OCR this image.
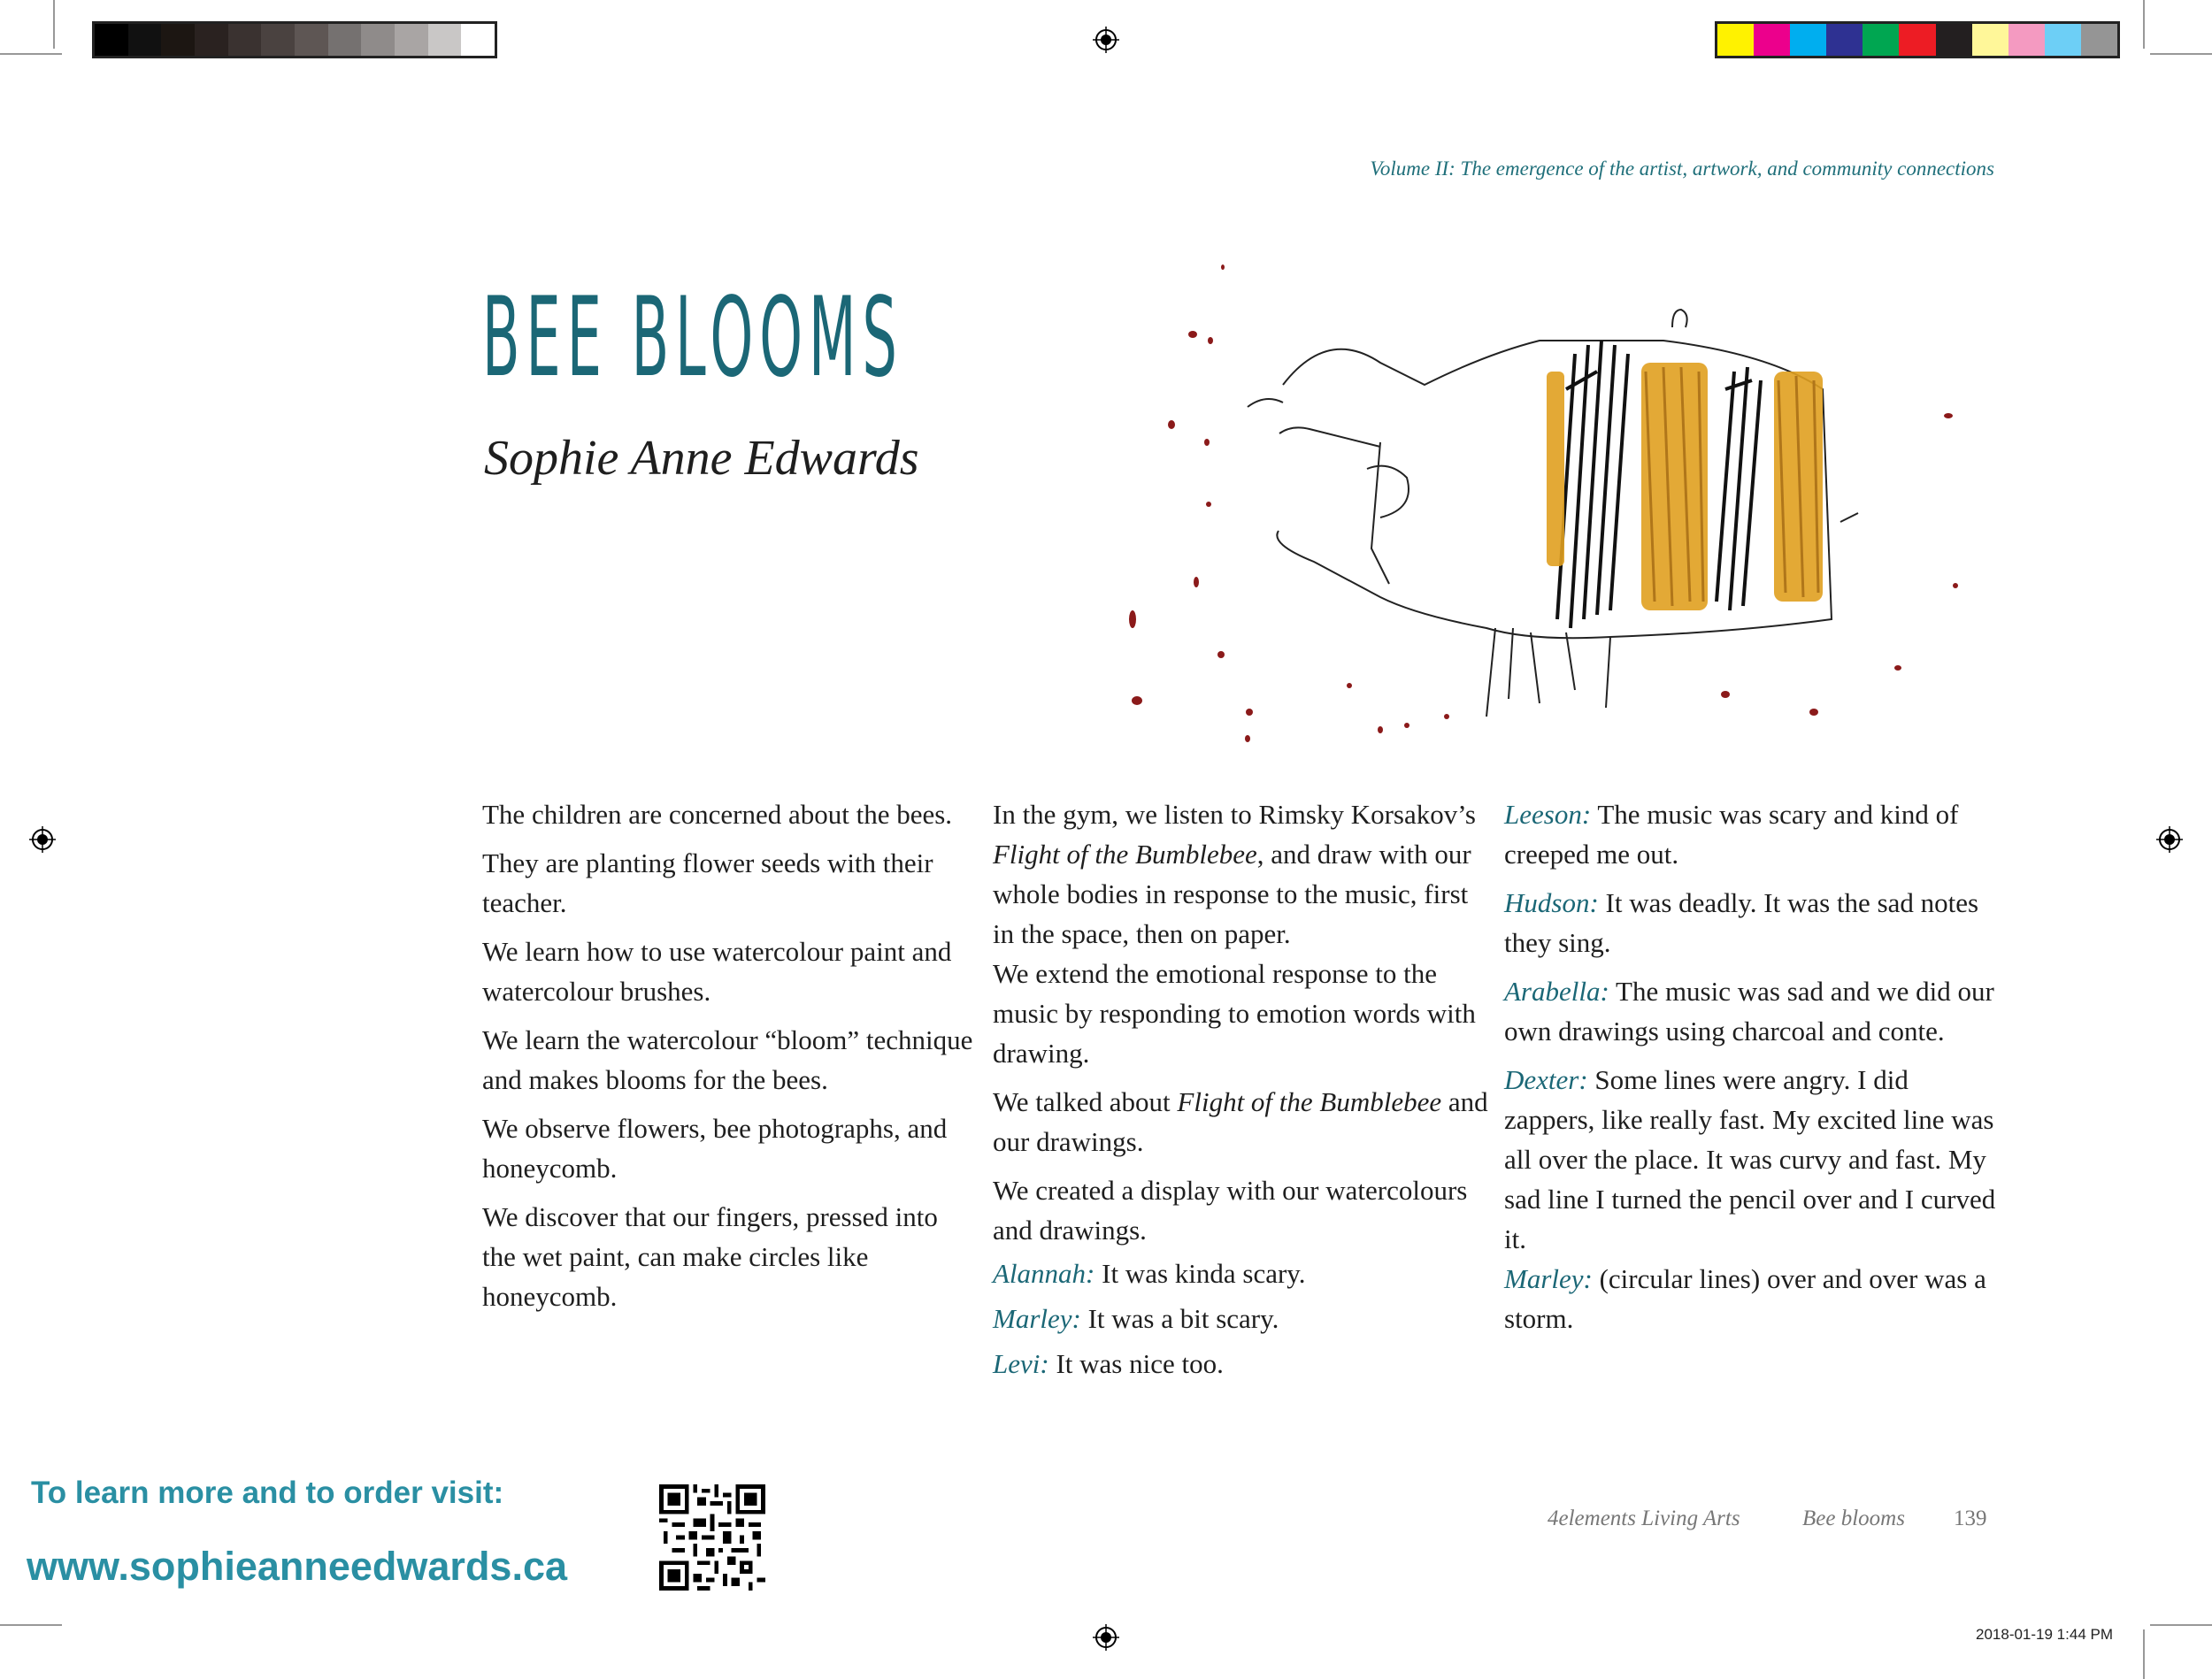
Volume II: The emergence of the artist, artwork, and community connections
BEE BLOOMS
Sophie Anne Edwards

The children are concerned about the bees.

They are planting flower seeds with their teacher.

We learn how to use watercolour paint and watercolour brushes.

We learn the watercolour “bloom” technique and makes blooms for the bees.

We observe flowers, bee photographs, and honeycomb.

We discover that our fingers, pressed into the wet paint, can make circles like honeycomb.

In the gym, we listen to Rimsky Korsakov’s Flight of the Bumblebee, and draw with our whole bodies in response to the music, first in the space, then on paper.

We extend the emotional response to the music by responding to emotion words with drawing.

We talked about Flight of the Bumblebee and our drawings.

We created a display with our watercolours and drawings.

Alannah: It was kinda scary.

Marley: It was a bit scary.

Levi: It was nice too.

Leeson: The music was scary and kind of creeped me out.

Hudson: It was deadly. It was the sad notes they sing.

Arabella: The music was sad and we did our own drawings using charcoal and conte.

Dexter: Some lines were angry. I did zappers, like really fast. My excited line was all over the place. It was curvy and fast. My sad line I turned the pencil over and I curved it.

Marley: (circular lines) over and over was a storm.

To learn more and to order visit:
www.sophieanneedwards.ca
4elements Living Arts	Bee blooms 139
2018-01-19 1:44 PM
